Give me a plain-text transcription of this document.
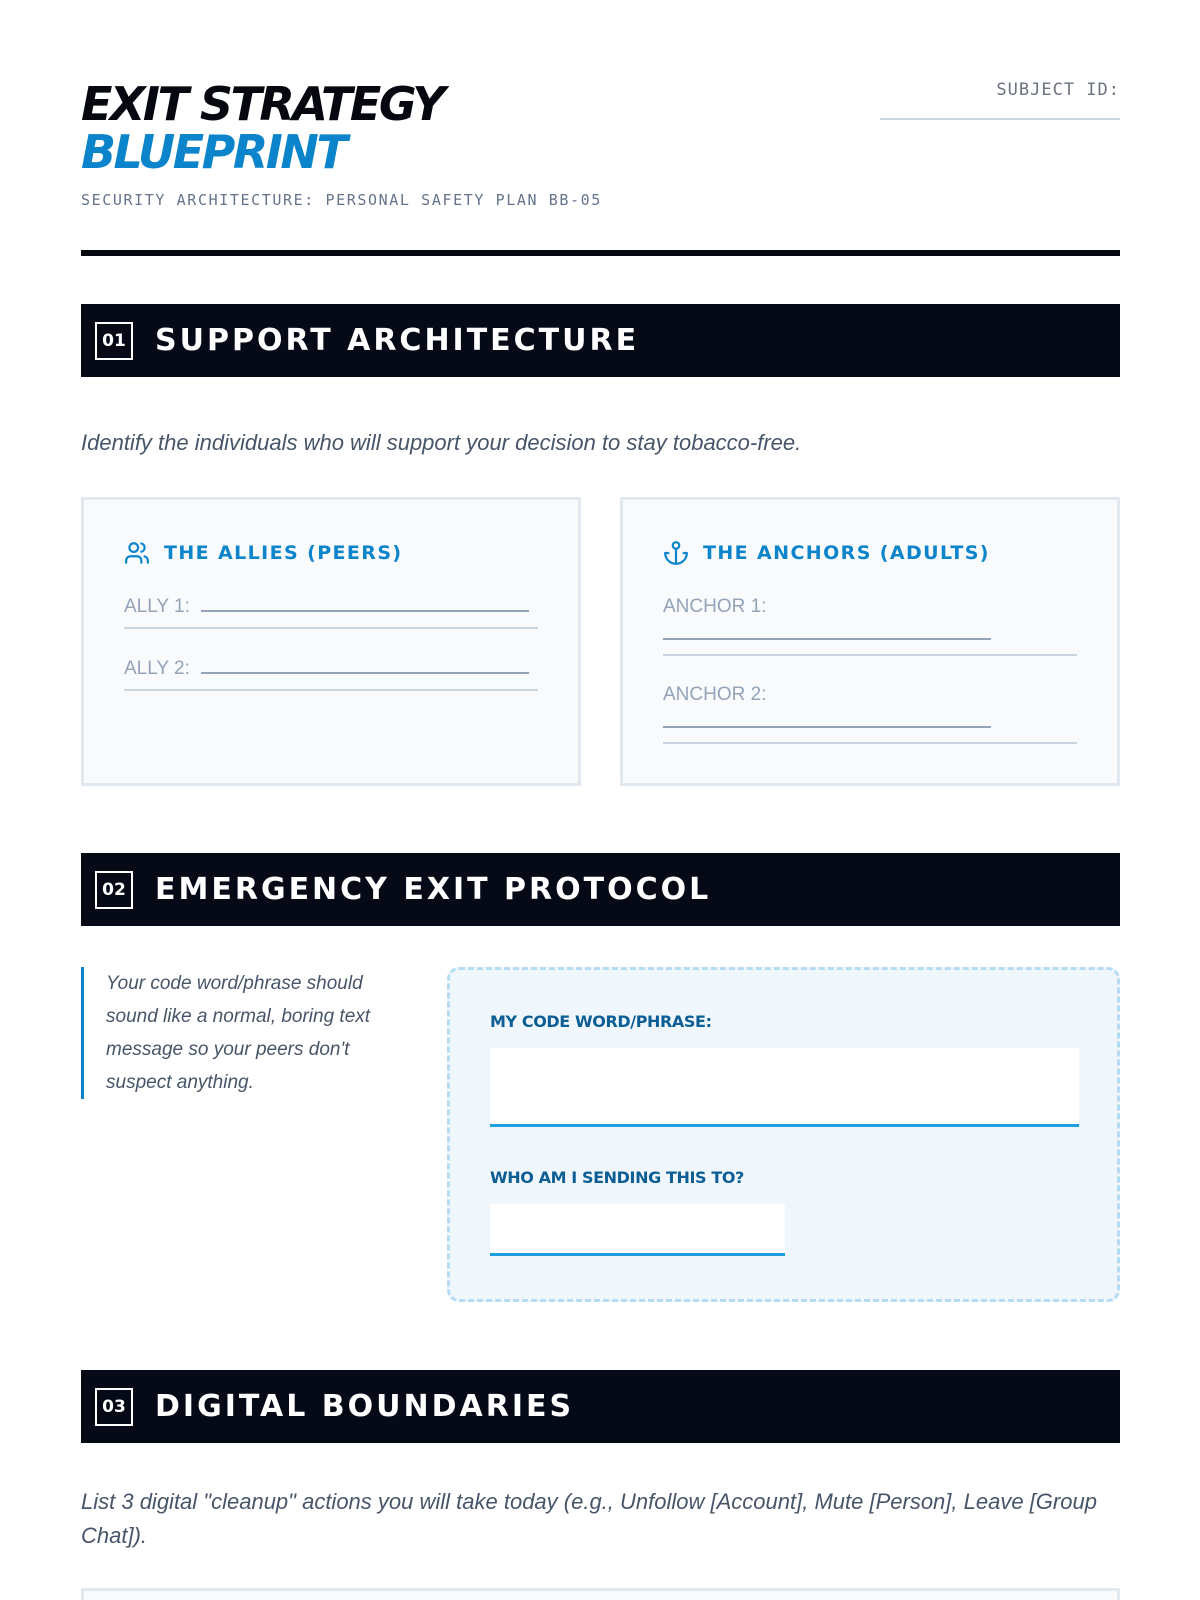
EXIT STRATEGY
BLUEPRINT
SECURITY ARCHITECTURE: PERSONAL SAFETY PLAN BB-05
SUBJECT ID:
01 SUPPORT ARCHITECTURE

Identify the individuals who will support your decision to stay tobacco-free.

THE ALLIES (PEERS)
ALLY 1:
ALLY 2:
THE ANCHORS (ADULTS)
ANCHOR 1:
ANCHOR 2:
02 EMERGENCY EXIT PROTOCOL
Your code word/phrase should sound like a normal, boring text message so your peers don't suspect anything.
MY CODE WORD/PHRASE:
WHO AM I SENDING THIS TO?
03 DIGITAL BOUNDARIES

List 3 digital "cleanup" actions you will take today (e.g., Unfollow [Account], Mute [Person], Leave [Group Chat]).
